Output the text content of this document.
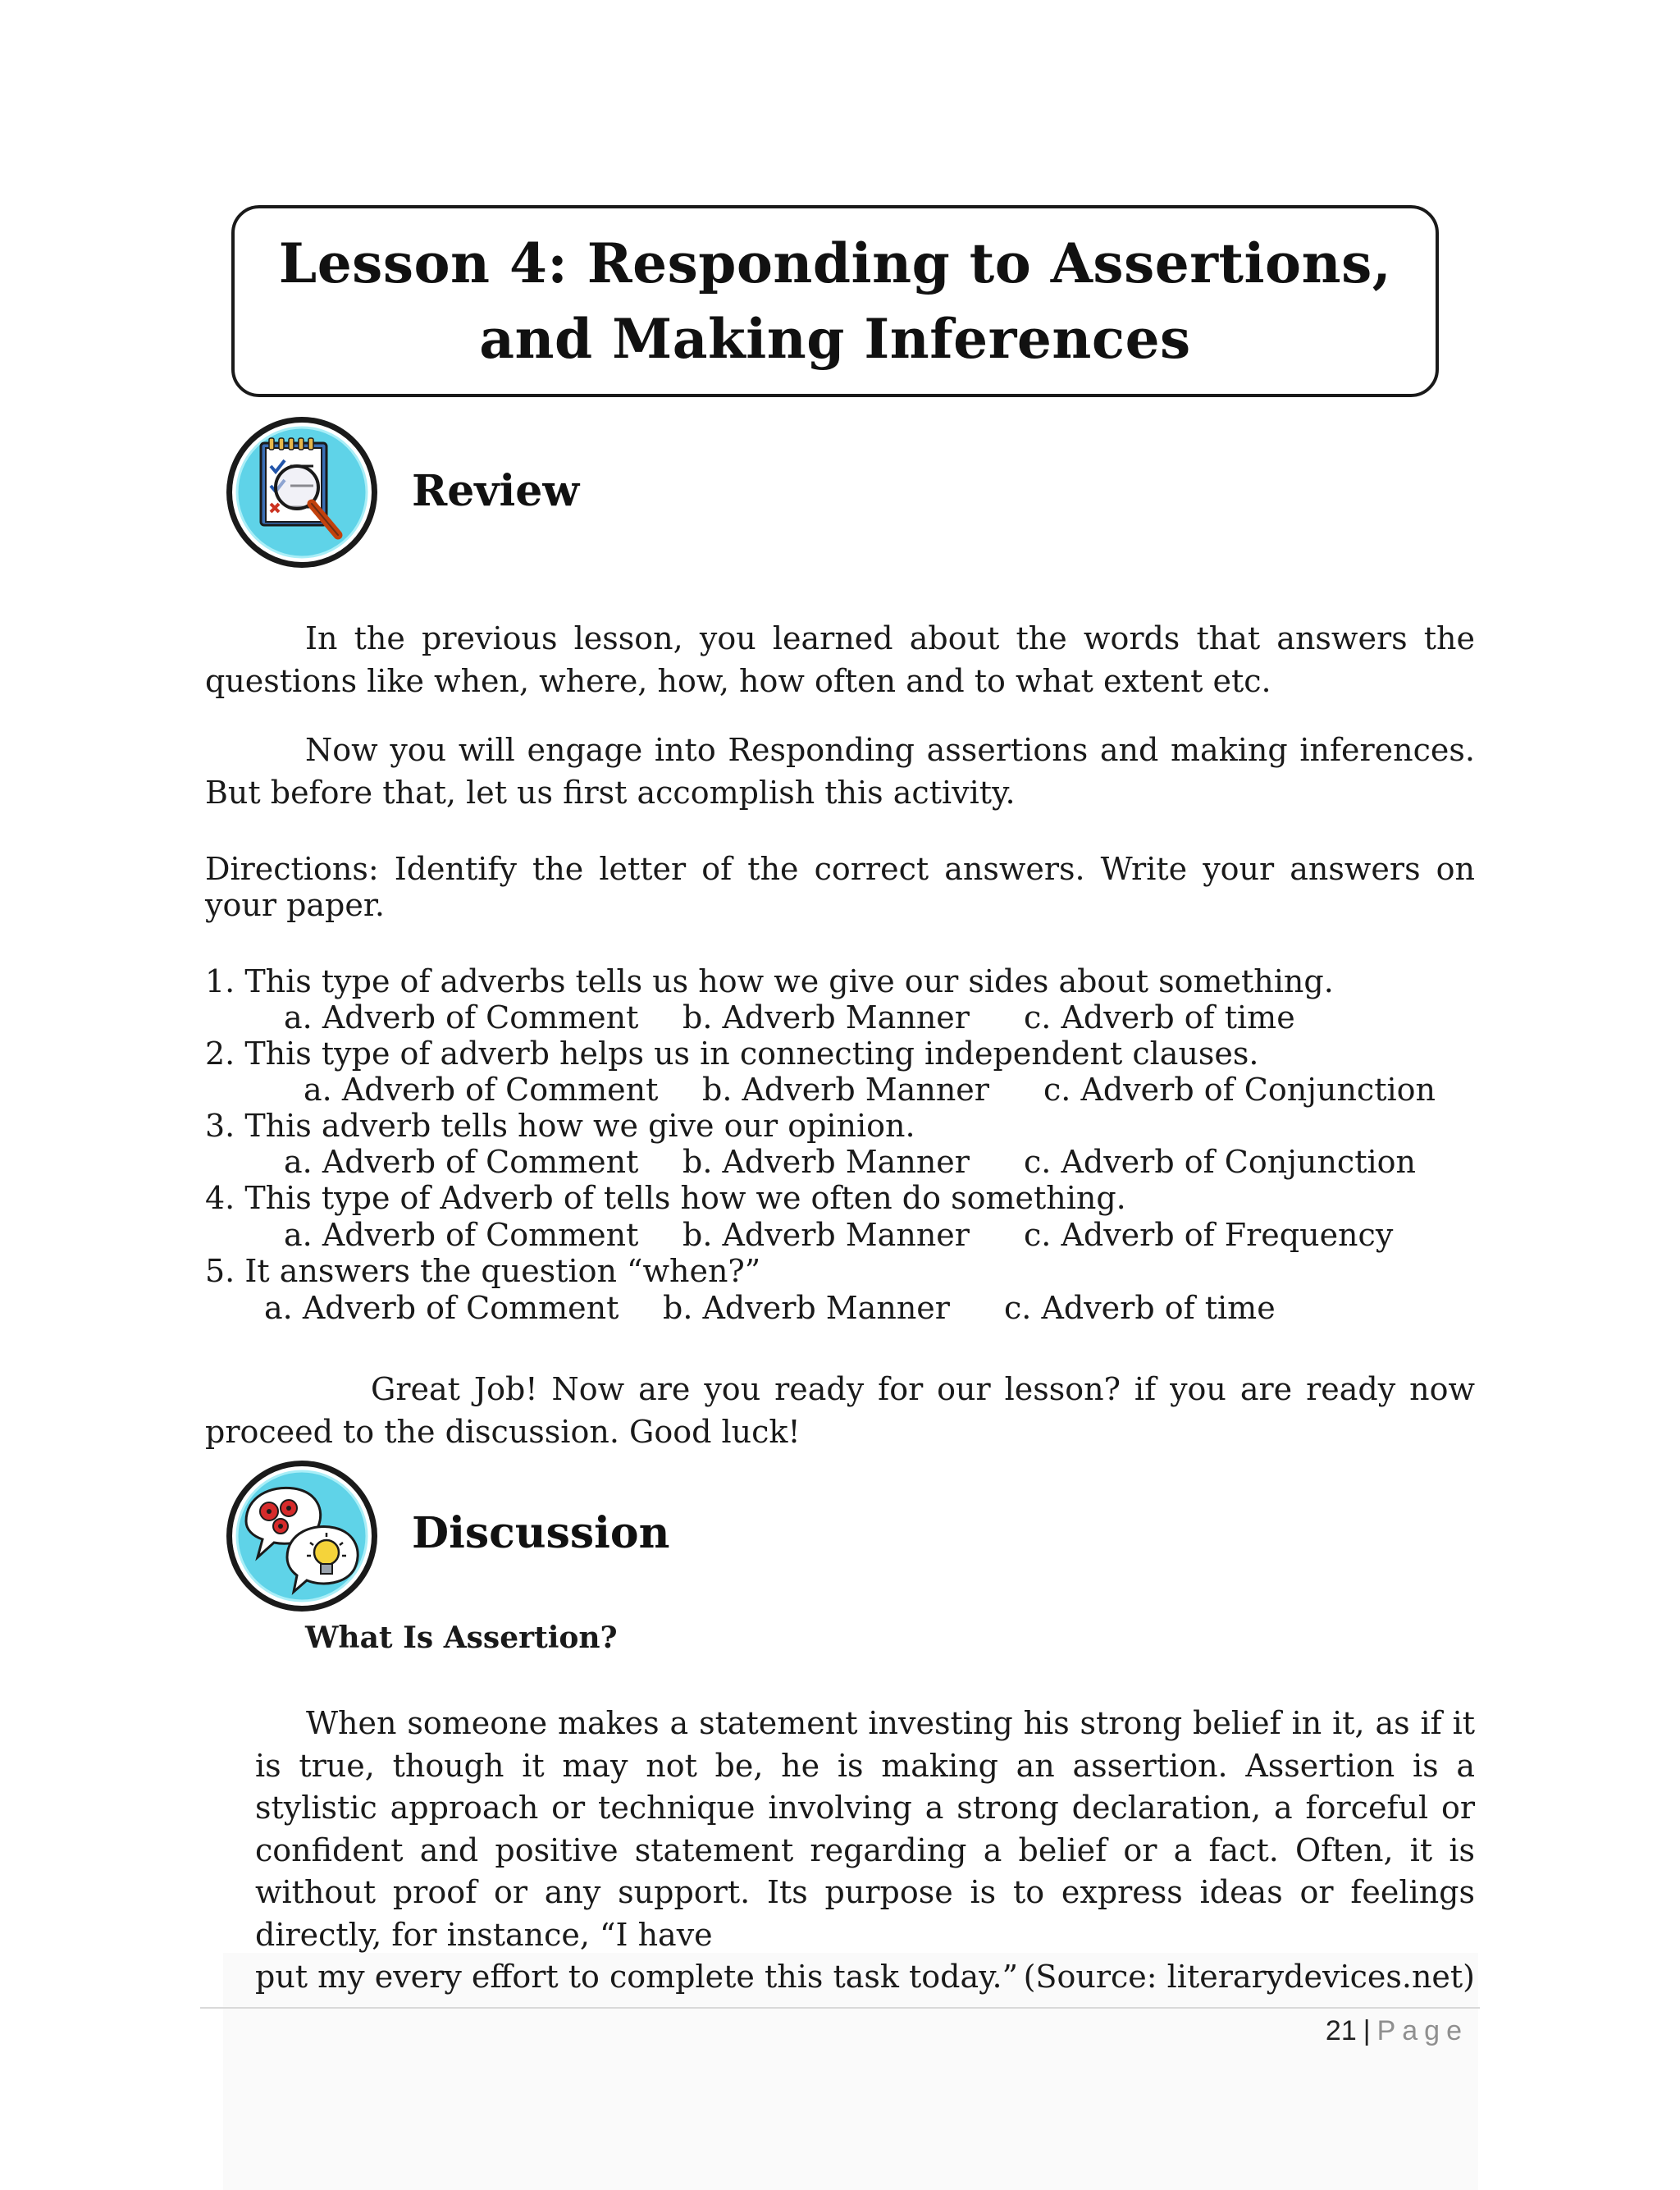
Lesson 4: Responding to Assertions,
and Making Inferences
Review
In the previous lesson, you learned about the words that answers the questions like when, where, how, how often and to what extent etc.
Now you will engage into Responding assertions and making inferences. But before that, let us first accomplish this activity.
Directions: Identify the letter of the correct answers. Write your answers on your paper.
1. This type of adverbs tells us how we give our sides about something.
a. Adverb of Comment b. Adverb Manner c. Adverb of time
2. This type of adverb helps us in connecting independent clauses.
a. Adverb of Comment b. Adverb Manner c. Adverb of Conjunction
3. This adverb tells how we give our opinion.
a. Adverb of Comment b. Adverb Manner c. Adverb of Conjunction
4. This type of Adverb of tells how we often do something.
a. Adverb of Comment b. Adverb Manner c. Adverb of Frequency
5. It answers the question “when?”
a. Adverb of Comment b. Adverb Manner c. Adverb of time
Great Job! Now are you ready for our lesson? if you are ready now proceed to the discussion. Good luck!
Discussion
What Is Assertion?
When someone makes a statement investing his strong belief in it, as if it is true, though it may not be, he is making an assertion. Assertion is a stylistic approach or technique involving a strong declaration, a forceful or confident and positive statement regarding a belief or a fact. Often, it is without proof or any support. Its purpose is to express ideas or feelings directly, for instance, “I have
put my every effort to complete this task today.” (Source: literarydevices.net)
21 | Page
